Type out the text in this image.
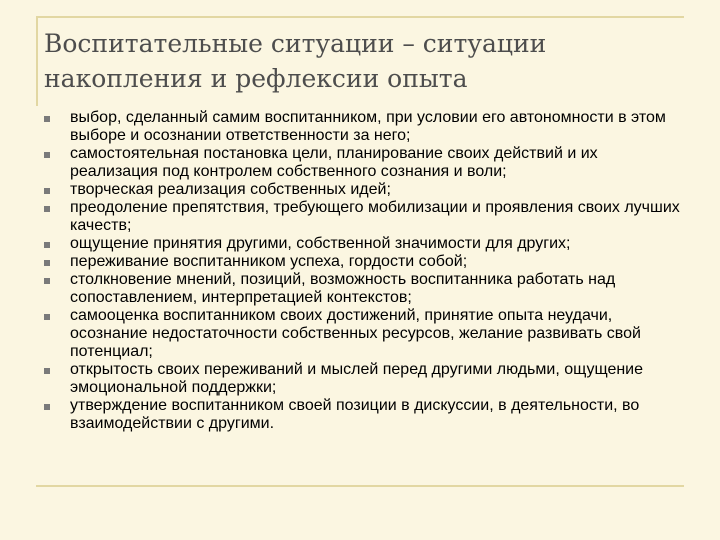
Воспитательные ситуации – ситуации накопления и рефлексии опыта
выбор, сделанный самим воспитанником, при условии его автономности в этом выборе и осознании ответственности за него;
самостоятельная постановка цели, планирование своих действий и их реализация под контролем собственного сознания и воли;
творческая реализация собственных идей;
преодоление препятствия, требующего мобилизации и проявления своих лучших качеств;
ощущение принятия другими, собственной значимости для других;
переживание воспитанником успеха, гордости собой;
столкновение мнений, позиций, возможность воспитанника работать над сопоставлением, интерпретацией контекстов;
самооценка воспитанником своих достижений, принятие опыта неудачи, осознание недостаточности собственных ресурсов, желание развивать свой потенциал;
открытость своих переживаний и мыслей перед другими людьми, ощущение эмоциональной поддержки;
утверждение воспитанником своей позиции в дискуссии, в деятельности, во взаимодействии с другими.
